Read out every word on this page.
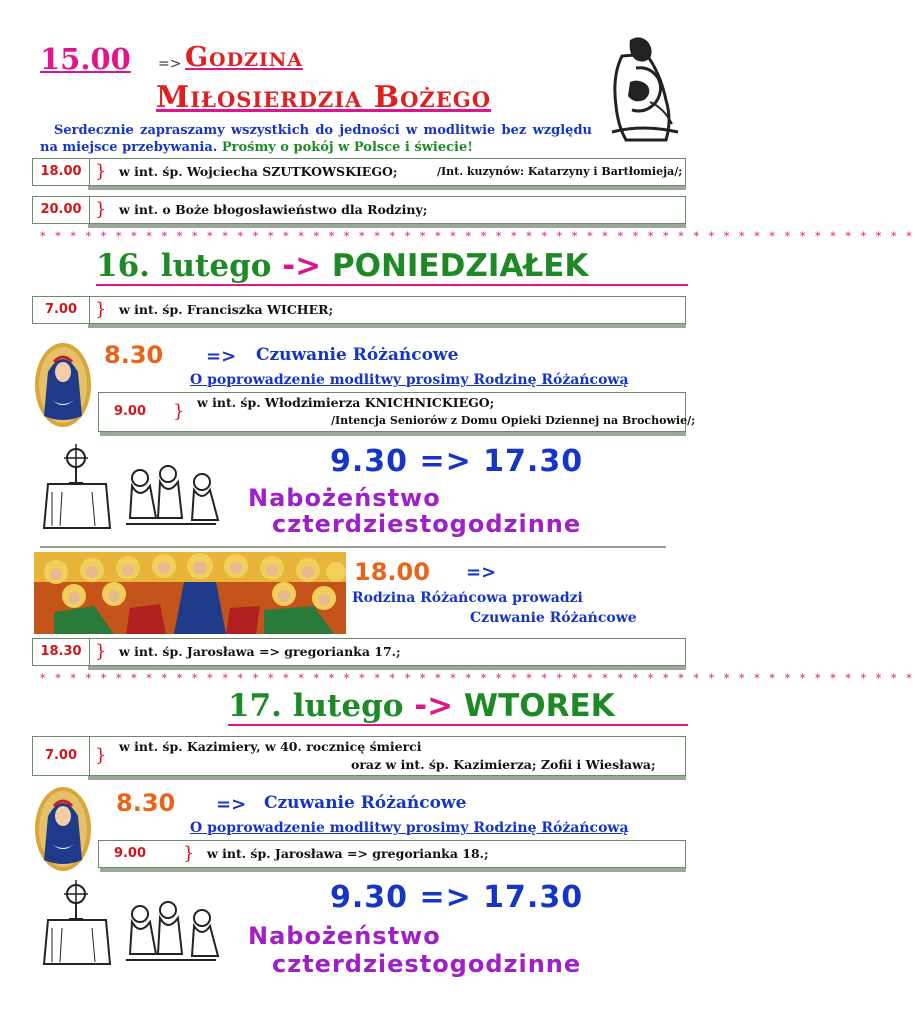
15.00 => Godzina
Miłosierdzia Bożego
Serdecznie zapraszamy wszystkich do jedności w modlitwie bez względu na miejsce przebywania. Prośmy o pokój w Polsce i świecie!
18.00 } w int. śp. Wojciecha SZUTKOWSKIEGO;	/Int. kuzynów: Katarzyny i Bartłomieja/;
20.00 } w int. o Boże błogosławieństwo dla Rodziny;
* * * * * * * * * * * * * * * * * * * * * * * * * * * * * * * * * * * * * * * * * * * * * * * * * * * * * * * * * *
16. lutego -> PONIEDZIAŁEK
7.00 } w int. śp. Franciszka WICHER;
8.30 => Czuwanie Różańcowe
O poprowadzenie modlitwy prosimy Rodzinę Różańcową
9.00	} w int. śp. Włodzimierza KNICHNICKIEGO;
/Intencja Seniorów z Domu Opieki Dziennej na Brochowie/;
9.30 => 17.30
Nabożeństwo
czterdziestogodzinne
18.00 =>
Rodzina Różańcowa prowadzi
Czuwanie Różańcowe
18.30 } w int. śp. Jarosława => gregorianka 17.;
* * * * * * * * * * * * * * * * * * * * * * * * * * * * * * * * * * * * * * * * * * * * * * * * * * * * * * * * * *
17. lutego -> WTOREK
7.00 } w int. śp. Kazimiery, w 40. rocznicę śmierci
oraz w int. śp. Kazimierza; Zofii i Wiesława;
8.30 => Czuwanie Różańcowe
O poprowadzenie modlitwy prosimy Rodzinę Różańcową
9.00	} w int. śp. Jarosława => gregorianka 18.;
9.30 => 17.30
Nabożeństwo
czterdziestogodzinne
